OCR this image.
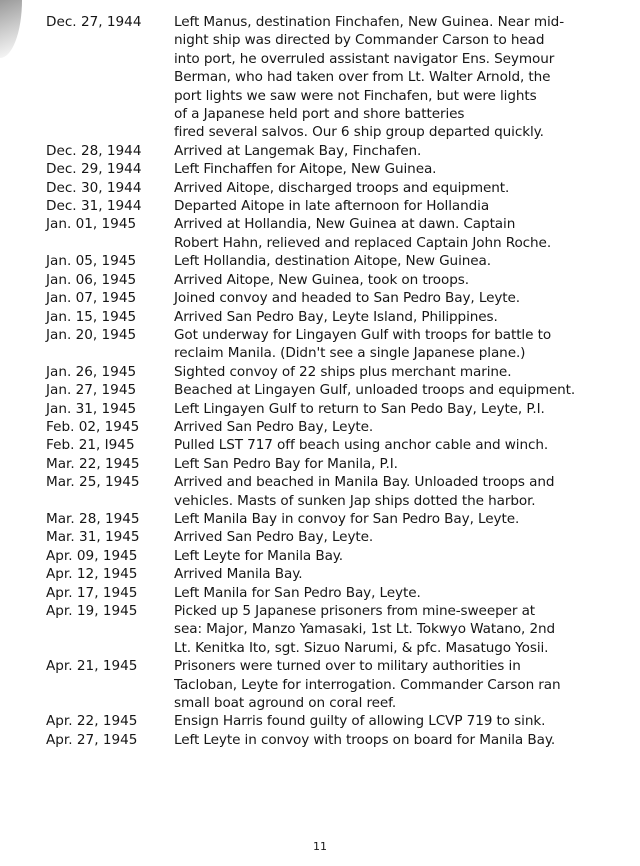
Dec. 27, 1944	Left Manus, destination Finchafen, New Guinea. Near mid-
night ship was directed by Commander Carson to head
into port, he overruled assistant navigator Ens. Seymour
Berman, who had taken over from Lt. Walter Arnold, the
port lights we saw were not Finchafen, but were lights
of a Japanese held port and shore batteries
fired several salvos. Our 6 ship group departed quickly.
Dec. 28, 1944	Arrived at Langemak Bay, Finchafen.
Dec. 29, 1944	Left Finchaffen for Aitope, New Guinea.
Dec. 30, 1944	Arrived Aitope, discharged troops and equipment.
Dec. 31, 1944	Departed Aitope in late afternoon for Hollandia
Jan. 01, 1945	Arrived at Hollandia, New Guinea at dawn. Captain
Robert Hahn, relieved and replaced Captain John Roche.
Jan. 05, 1945	Left Hollandia, destination Aitope, New Guinea.
Jan. 06, 1945	Arrived Aitope, New Guinea, took on troops.
Jan. 07, 1945	Joined convoy and headed to San Pedro Bay, Leyte.
Jan. 15, 1945	Arrived San Pedro Bay, Leyte Island, Philippines.
Jan. 20, 1945	Got underway for Lingayen Gulf with troops for battle to
reclaim Manila. (Didn't see a single Japanese plane.)
Jan. 26, 1945	Sighted convoy of 22 ships plus merchant marine.
Jan. 27, 1945	Beached at Lingayen Gulf, unloaded troops and equipment.
Jan. 31, 1945	Left Lingayen Gulf to return to San Pedo Bay, Leyte, P.I.
Feb. 02, 1945	Arrived San Pedro Bay, Leyte.
Feb. 21, I945	Pulled LST 717 off beach using anchor cable and winch.
Mar. 22, 1945	Left San Pedro Bay for Manila, P.I.
Mar. 25, 1945	Arrived and beached in Manila Bay. Unloaded troops and
vehicles. Masts of sunken Jap ships dotted the harbor.
Mar. 28, 1945	Left Manila Bay in convoy for San Pedro Bay, Leyte.
Mar. 31, 1945	Arrived San Pedro Bay, Leyte.
Apr. 09, 1945	Left Leyte for Manila Bay.
Apr. 12, 1945	Arrived Manila Bay.
Apr. 17, 1945	Left Manila for San Pedro Bay, Leyte.
Apr. 19, 1945	Picked up 5 Japanese prisoners from mine-sweeper at
sea: Major, Manzo Yamasaki, 1st Lt. Tokwyo Watano, 2nd
Lt. Kenitka Ito, sgt. Sizuo Narumi, & pfc. Masatugo Yosii.
Apr. 21, 1945	Prisoners were turned over to military authorities in
Tacloban, Leyte for interrogation. Commander Carson ran
small boat aground on coral reef.
Apr. 22, 1945	Ensign Harris found guilty of allowing LCVP 719 to sink.
Apr. 27, 1945	Left Leyte in convoy with troops on board for Manila Bay.
11
